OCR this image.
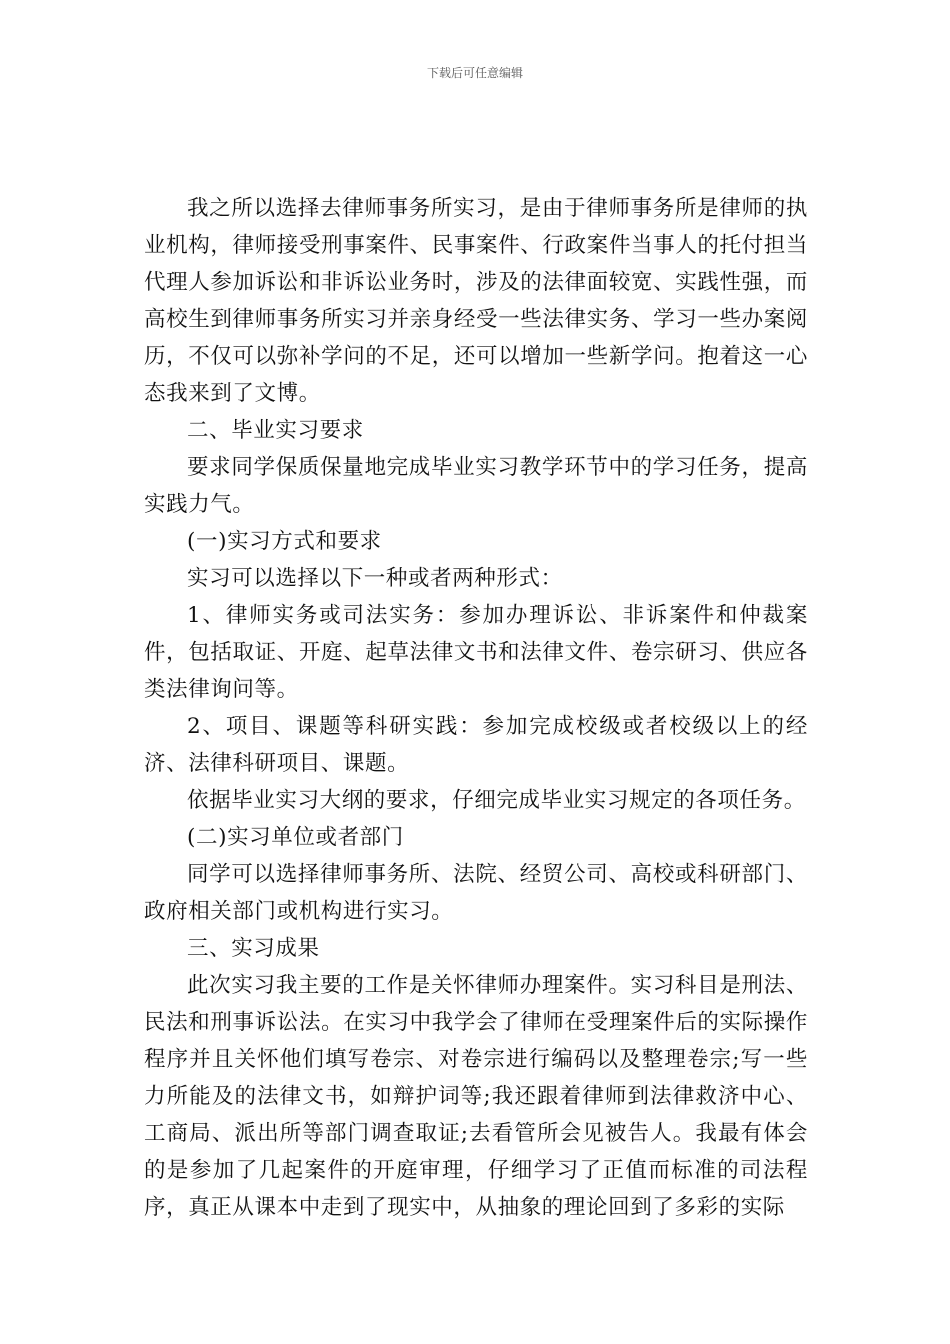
下载后可任意编辑

我之所以选择去律师事务所实习，是由于律师事务所是律师的执业机构，律师接受刑事案件、民事案件、行政案件当事人的托付担当代理人参加诉讼和非诉讼业务时，涉及的法律面较宽、实践性强，而高校生到律师事务所实习并亲身经受一些法律实务、学习一些办案阅历，不仅可以弥补学问的不足，还可以增加一些新学问。抱着这一心态我来到了文博。

二、毕业实习要求

要求同学保质保量地完成毕业实习教学环节中的学习任务，提高实践力气。

(一)实习方式和要求

实习可以选择以下一种或者两种形式：

1、律师实务或司法实务：参加办理诉讼、非诉案件和仲裁案件，包括取证、开庭、起草法律文书和法律文件、卷宗研习、供应各类法律询问等。

2、项目、课题等科研实践：参加完成校级或者校级以上的经济、法律科研项目、课题。

依据毕业实习大纲的要求，仔细完成毕业实习规定的各项任务。

(二)实习单位或者部门

同学可以选择律师事务所、法院、经贸公司、高校或科研部门、政府相关部门或机构进行实习。

三、实习成果

此次实习我主要的工作是关怀律师办理案件。实习科目是刑法、民法和刑事诉讼法。在实习中我学会了律师在受理案件后的实际操作程序并且关怀他们填写卷宗、对卷宗进行编码以及整理卷宗;写一些力所能及的法律文书，如辩护词等;我还跟着律师到法律救济中心、工商局、派出所等部门调查取证;去看管所会见被告人。我最有体会的是参加了几起案件的开庭审理，仔细学习了正值而标准的司法程序，真正从课本中走到了现实中，从抽象的理论回到了多彩的实际
